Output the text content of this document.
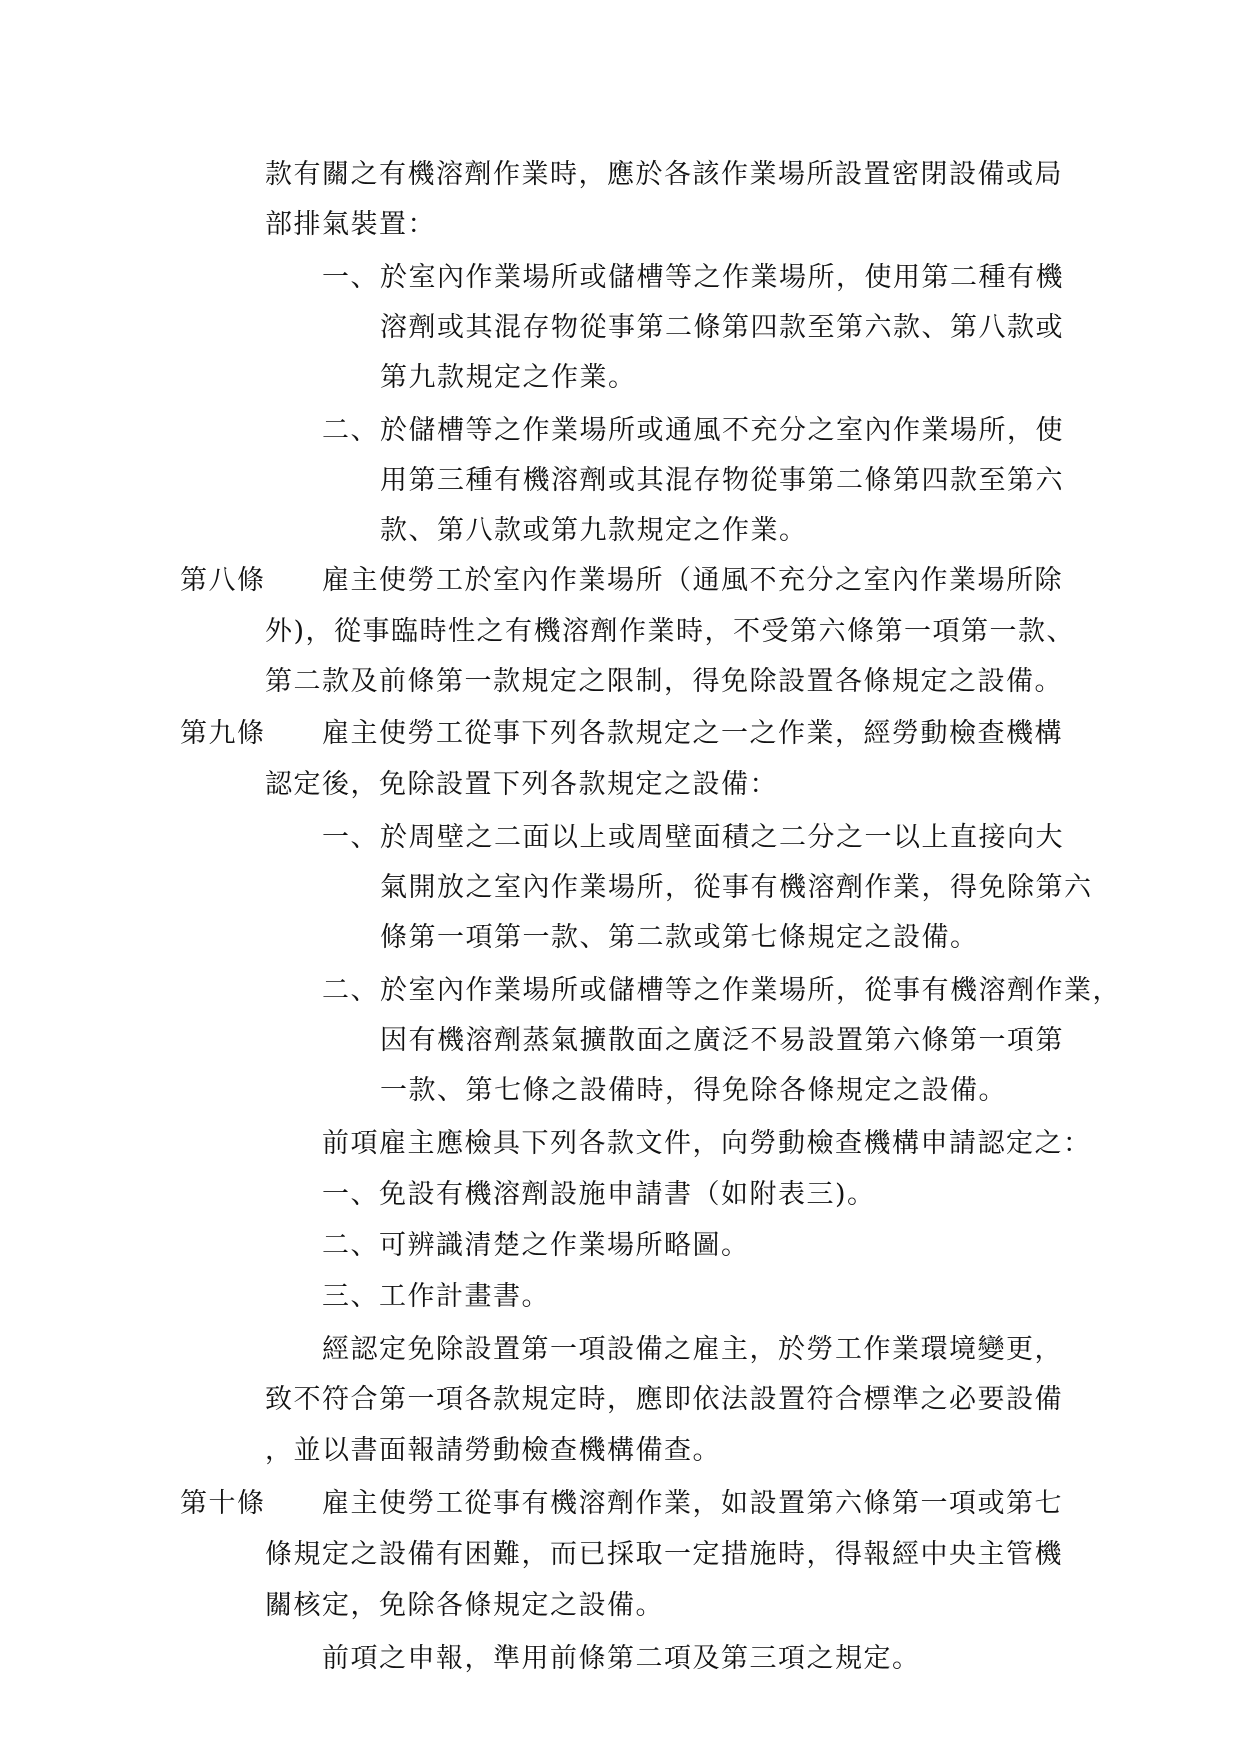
款有關之有機溶劑作業時，應於各該作業場所設置密閉設備或局
部排氣裝置：
一、 於室內作業場所或儲槽等之作業場所，使用第二種有機
溶劑或其混存物從事第二條第四款至第六款、第八款或
第九款規定之作業。
二、 於儲槽等之作業場所或通風不充分之室內作業場所，使
用第三種有機溶劑或其混存物從事第二條第四款至第六
款、第八款或第九款規定之作業。
第八條 雇主使勞工於室內作業場所（通風不充分之室內作業場所除
外)，從事臨時性之有機溶劑作業時，不受第六條第一項第一款、
第二款及前條第一款規定之限制，得免除設置各條規定之設備。
第九條 雇主使勞工從事下列各款規定之一之作業，經勞動檢查機構
認定後，免除設置下列各款規定之設備：
一、 於周壁之二面以上或周壁面積之二分之一以上直接向大
氣開放之室內作業場所，從事有機溶劑作業，得免除第六
條第一項第一款、第二款或第七條規定之設備。
二、 於室內作業場所或儲槽等之作業場所，從事有機溶劑作業，
因有機溶劑蒸氣擴散面之廣泛不易設置第六條第一項第
一款、第七條之設備時，得免除各條規定之設備。
前項雇主應檢具下列各款文件，向勞動檢查機構申請認定之：
一、免設有機溶劑設施申請書（如附表三)。
二、可辨識清楚之作業場所略圖。
三、工作計畫書。
經認定免除設置第一項設備之雇主，於勞工作業環境變更，
致不符合第一項各款規定時，應即依法設置符合標準之必要設備
，並以書面報請勞動檢查機構備查。
第十條 雇主使勞工從事有機溶劑作業，如設置第六條第一項或第七
條規定之設備有困難，而已採取一定措施時，得報經中央主管機
關核定，免除各條規定之設備。
前項之申報，準用前條第二項及第三項之規定。
